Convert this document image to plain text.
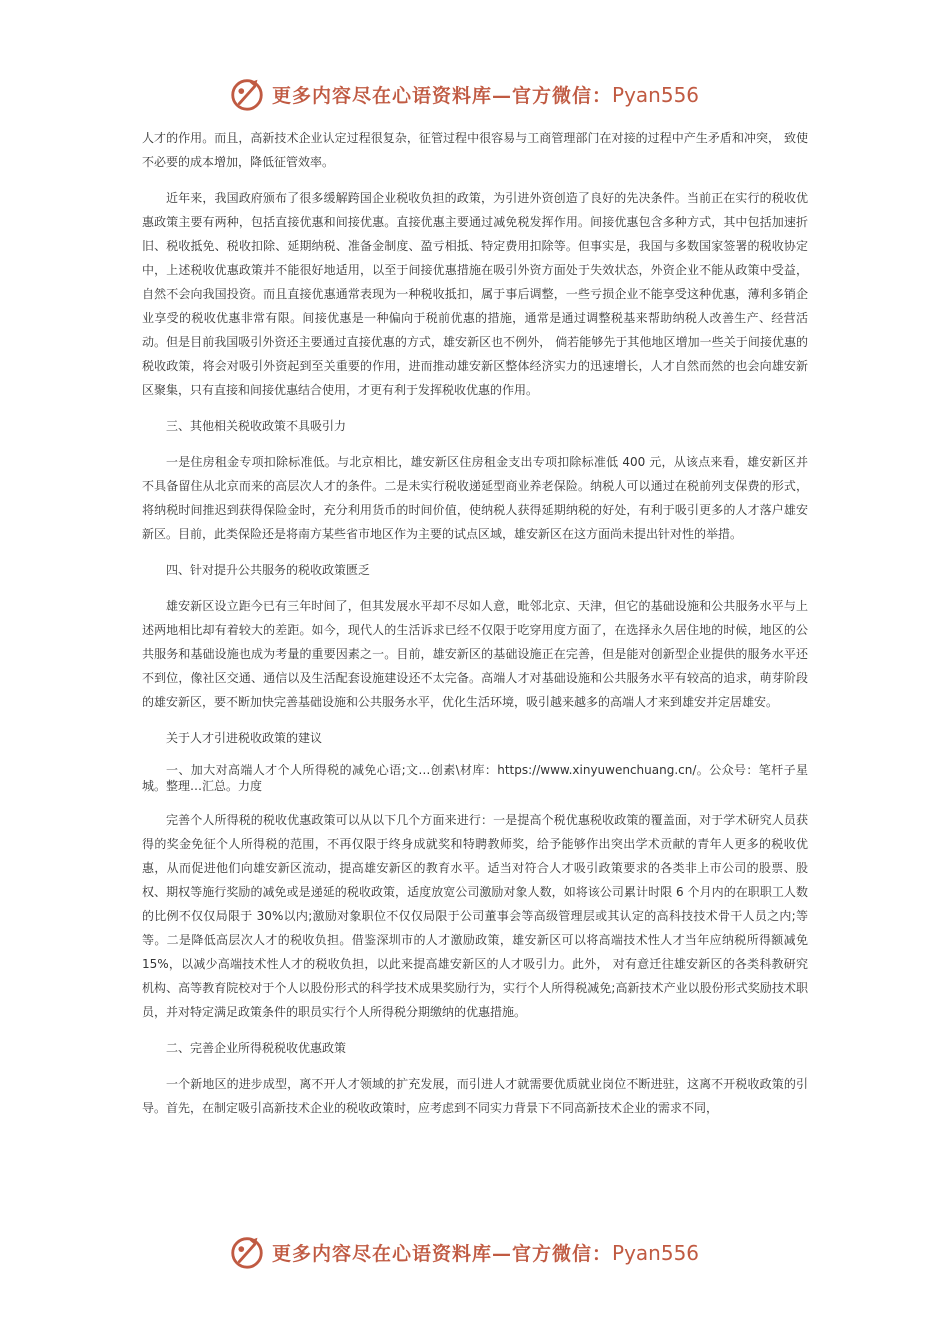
更多内容尽在心语资料库—官方微信：Pyan556

人才的作用。而且，高新技术企业认定过程很复杂，征管过程中很容易与工商管理部门在对接的过程中产生矛盾和冲突， 致使不必要的成本增加，降低征管效率。

近年来，我国政府颁布了很多缓解跨国企业税收负担的政策，为引进外资创造了良好的先决条件。当前正在实行的税收优惠政策主要有两种，包括直接优惠和间接优惠。直接优惠主要通过减免税发挥作用。间接优惠包含多种方式，其中包括加速折旧、税收抵免、税收扣除、延期纳税、准备金制度、盈亏相抵、特定费用扣除等。但事实是，我国与多数国家签署的税收协定中，上述税收优惠政策并不能很好地适用，以至于间接优惠措施在吸引外资方面处于失效状态，外资企业不能从政策中受益，自然不会向我国投资。而且直接优惠通常表现为一种税收抵扣，属于事后调整，一些亏损企业不能享受这种优惠，薄利多销企业享受的税收优惠非常有限。间接优惠是一种偏向于税前优惠的措施，通常是通过调整税基来帮助纳税人改善生产、经营活动。但是目前我国吸引外资还主要通过直接优惠的方式，雄安新区也不例外， 倘若能够先于其他地区增加一些关于间接优惠的税收政策，将会对吸引外资起到至关重要的作用，进而推动雄安新区整体经济实力的迅速增长，人才自然而然的也会向雄安新区聚集，只有直接和间接优惠结合使用，才更有利于发挥税收优惠的作用。

三、其他相关税收政策不具吸引力

一是住房租金专项扣除标准低。与北京相比，雄安新区住房租金支出专项扣除标准低 400 元，从该点来看，雄安新区并不具备留住从北京而来的高层次人才的条件。二是未实行税收递延型商业养老保险。纳税人可以通过在税前列支保费的形式，将纳税时间推迟到获得保险金时，充分利用货币的时间价值，使纳税人获得延期纳税的好处，有利于吸引更多的人才落户雄安新区。目前，此类保险还是将南方某些省市地区作为主要的试点区域，雄安新区在这方面尚未提出针对性的举措。

四、针对提升公共服务的税收政策匮乏

雄安新区设立距今已有三年时间了，但其发展水平却不尽如人意，毗邻北京、天津，但它的基础设施和公共服务水平与上述两地相比却有着较大的差距。如今，现代人的生活诉求已经不仅限于吃穿用度方面了，在选择永久居住地的时候，地区的公共服务和基础设施也成为考量的重要因素之一。目前，雄安新区的基础设施正在完善，但是能对创新型企业提供的服务水平还不到位，像社区交通、通信以及生活配套设施建设还不太完备。高端人才对基础设施和公共服务水平有较高的追求，萌芽阶段的雄安新区，要不断加快完善基础设施和公共服务水平，优化生活环境，吸引越来越多的高端人才来到雄安并定居雄安。

关于人才引进税收政策的建议

一、加大对高端人才个人所得税的减免心语;文…创素\材库：https://www.xinyuwenchuang.cn/。公众号：笔杆子星城。整理…汇总。力度

完善个人所得税的税收优惠政策可以从以下几个方面来进行：一是提高个税优惠税收政策的覆盖面，对于学术研究人员获得的奖金免征个人所得税的范围，不再仅限于终身成就奖和特聘教师奖，给予能够作出突出学术贡献的青年人更多的税收优惠，从而促进他们向雄安新区流动，提高雄安新区的教育水平。适当对符合人才吸引政策要求的各类非上市公司的股票、股权、期权等施行奖励的减免或是递延的税收政策，适度放宽公司激励对象人数，如将该公司累计时限 6 个月内的在职职工人数的比例不仅仅局限于 30%以内;激励对象职位不仅仅局限于公司董事会等高级管理层或其认定的高科技技术骨干人员之内;等等。二是降低高层次人才的税收负担。借鉴深圳市的人才激励政策，雄安新区可以将高端技术性人才当年应纳税所得额减免 15%，以减少高端技术性人才的税收负担，以此来提高雄安新区的人才吸引力。此外， 对有意迁往雄安新区的各类科教研究机构、高等教育院校对于个人以股份形式的科学技术成果奖励行为，实行个人所得税减免;高新技术产业以股份形式奖励技术职员，并对特定满足政策条件的职员实行个人所得税分期缴纳的优惠措施。

二、完善企业所得税税收优惠政策

一个新地区的进步成型，离不开人才领域的扩充发展，而引进人才就需要优质就业岗位不断进驻，这离不开税收政策的引导。首先，在制定吸引高新技术企业的税收政策时，应考虑到不同实力背景下不同高新技术企业的需求不同，

更多内容尽在心语资料库—官方微信：Pyan556
